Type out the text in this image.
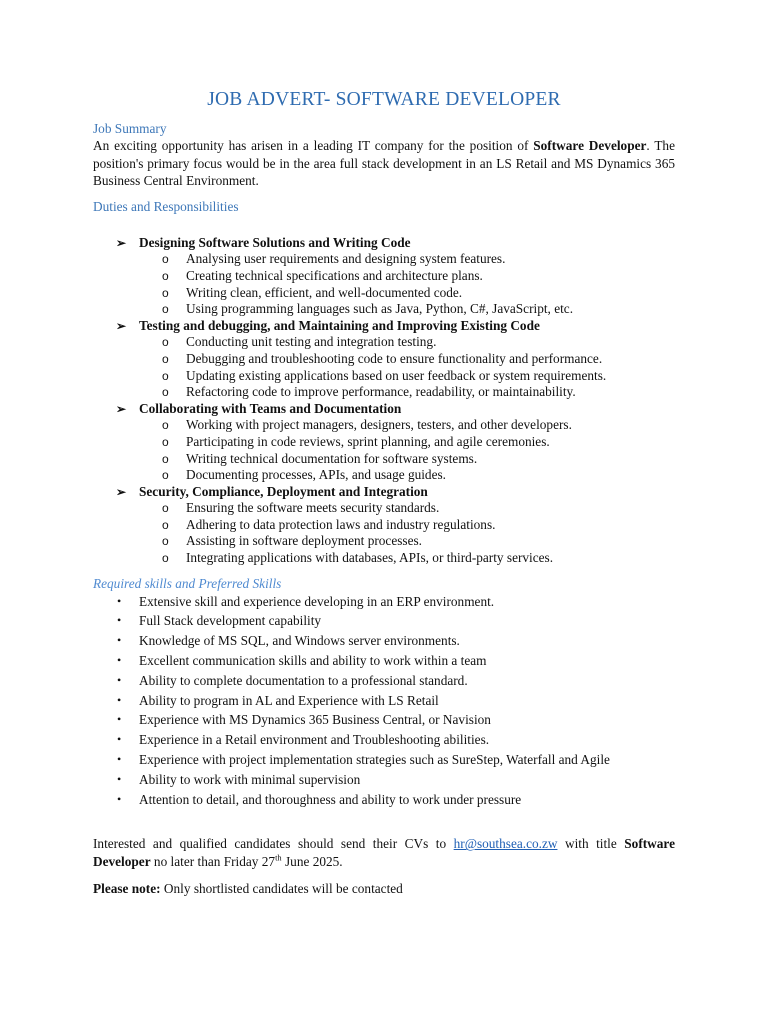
JOB ADVERT- SOFTWARE DEVELOPER
Job Summary

An exciting opportunity has arisen in a leading IT company for the position of Software Developer. The position's primary focus would be in the area full stack development in an LS Retail and MS Dynamics 365 Business Central Environment.

Duties and Responsibilities
➢ Designing Software Solutions and Writing Code
o Analysing user requirements and designing system features.
o Creating technical specifications and architecture plans.
o Writing clean, efficient, and well-documented code.
o Using programming languages such as Java, Python, C#, JavaScript, etc.
➢ Testing and debugging, and Maintaining and Improving Existing Code
o Conducting unit testing and integration testing.
o Debugging and troubleshooting code to ensure functionality and performance.
o Updating existing applications based on user feedback or system requirements.
o Refactoring code to improve performance, readability, or maintainability.
➢ Collaborating with Teams and Documentation
o Working with project managers, designers, testers, and other developers.
o Participating in code reviews, sprint planning, and agile ceremonies.
o Writing technical documentation for software systems.
o Documenting processes, APIs, and usage guides.
➢ Security, Compliance, Deployment and Integration
o Ensuring the software meets security standards.
o Adhering to data protection laws and industry regulations.
o Assisting in software deployment processes.
o Integrating applications with databases, APIs, or third-party services.
Required skills and Preferred Skills
• Extensive skill and experience developing in an ERP environment.
• Full Stack development capability
• Knowledge of MS SQL, and Windows server environments.
• Excellent communication skills and ability to work within a team
• Ability to complete documentation to a professional standard.
• Ability to program in AL and Experience with LS Retail
• Experience with MS Dynamics 365 Business Central, or Navision
• Experience in a Retail environment and Troubleshooting abilities.
• Experience with project implementation strategies such as SureStep, Waterfall and Agile
• Ability to work with minimal supervision
• Attention to detail, and thoroughness and ability to work under pressure

Interested and qualified candidates should send their CVs to hr@southsea.co.zw with title Software Developer no later than Friday 27th June 2025.

Please note: Only shortlisted candidates will be contacted
